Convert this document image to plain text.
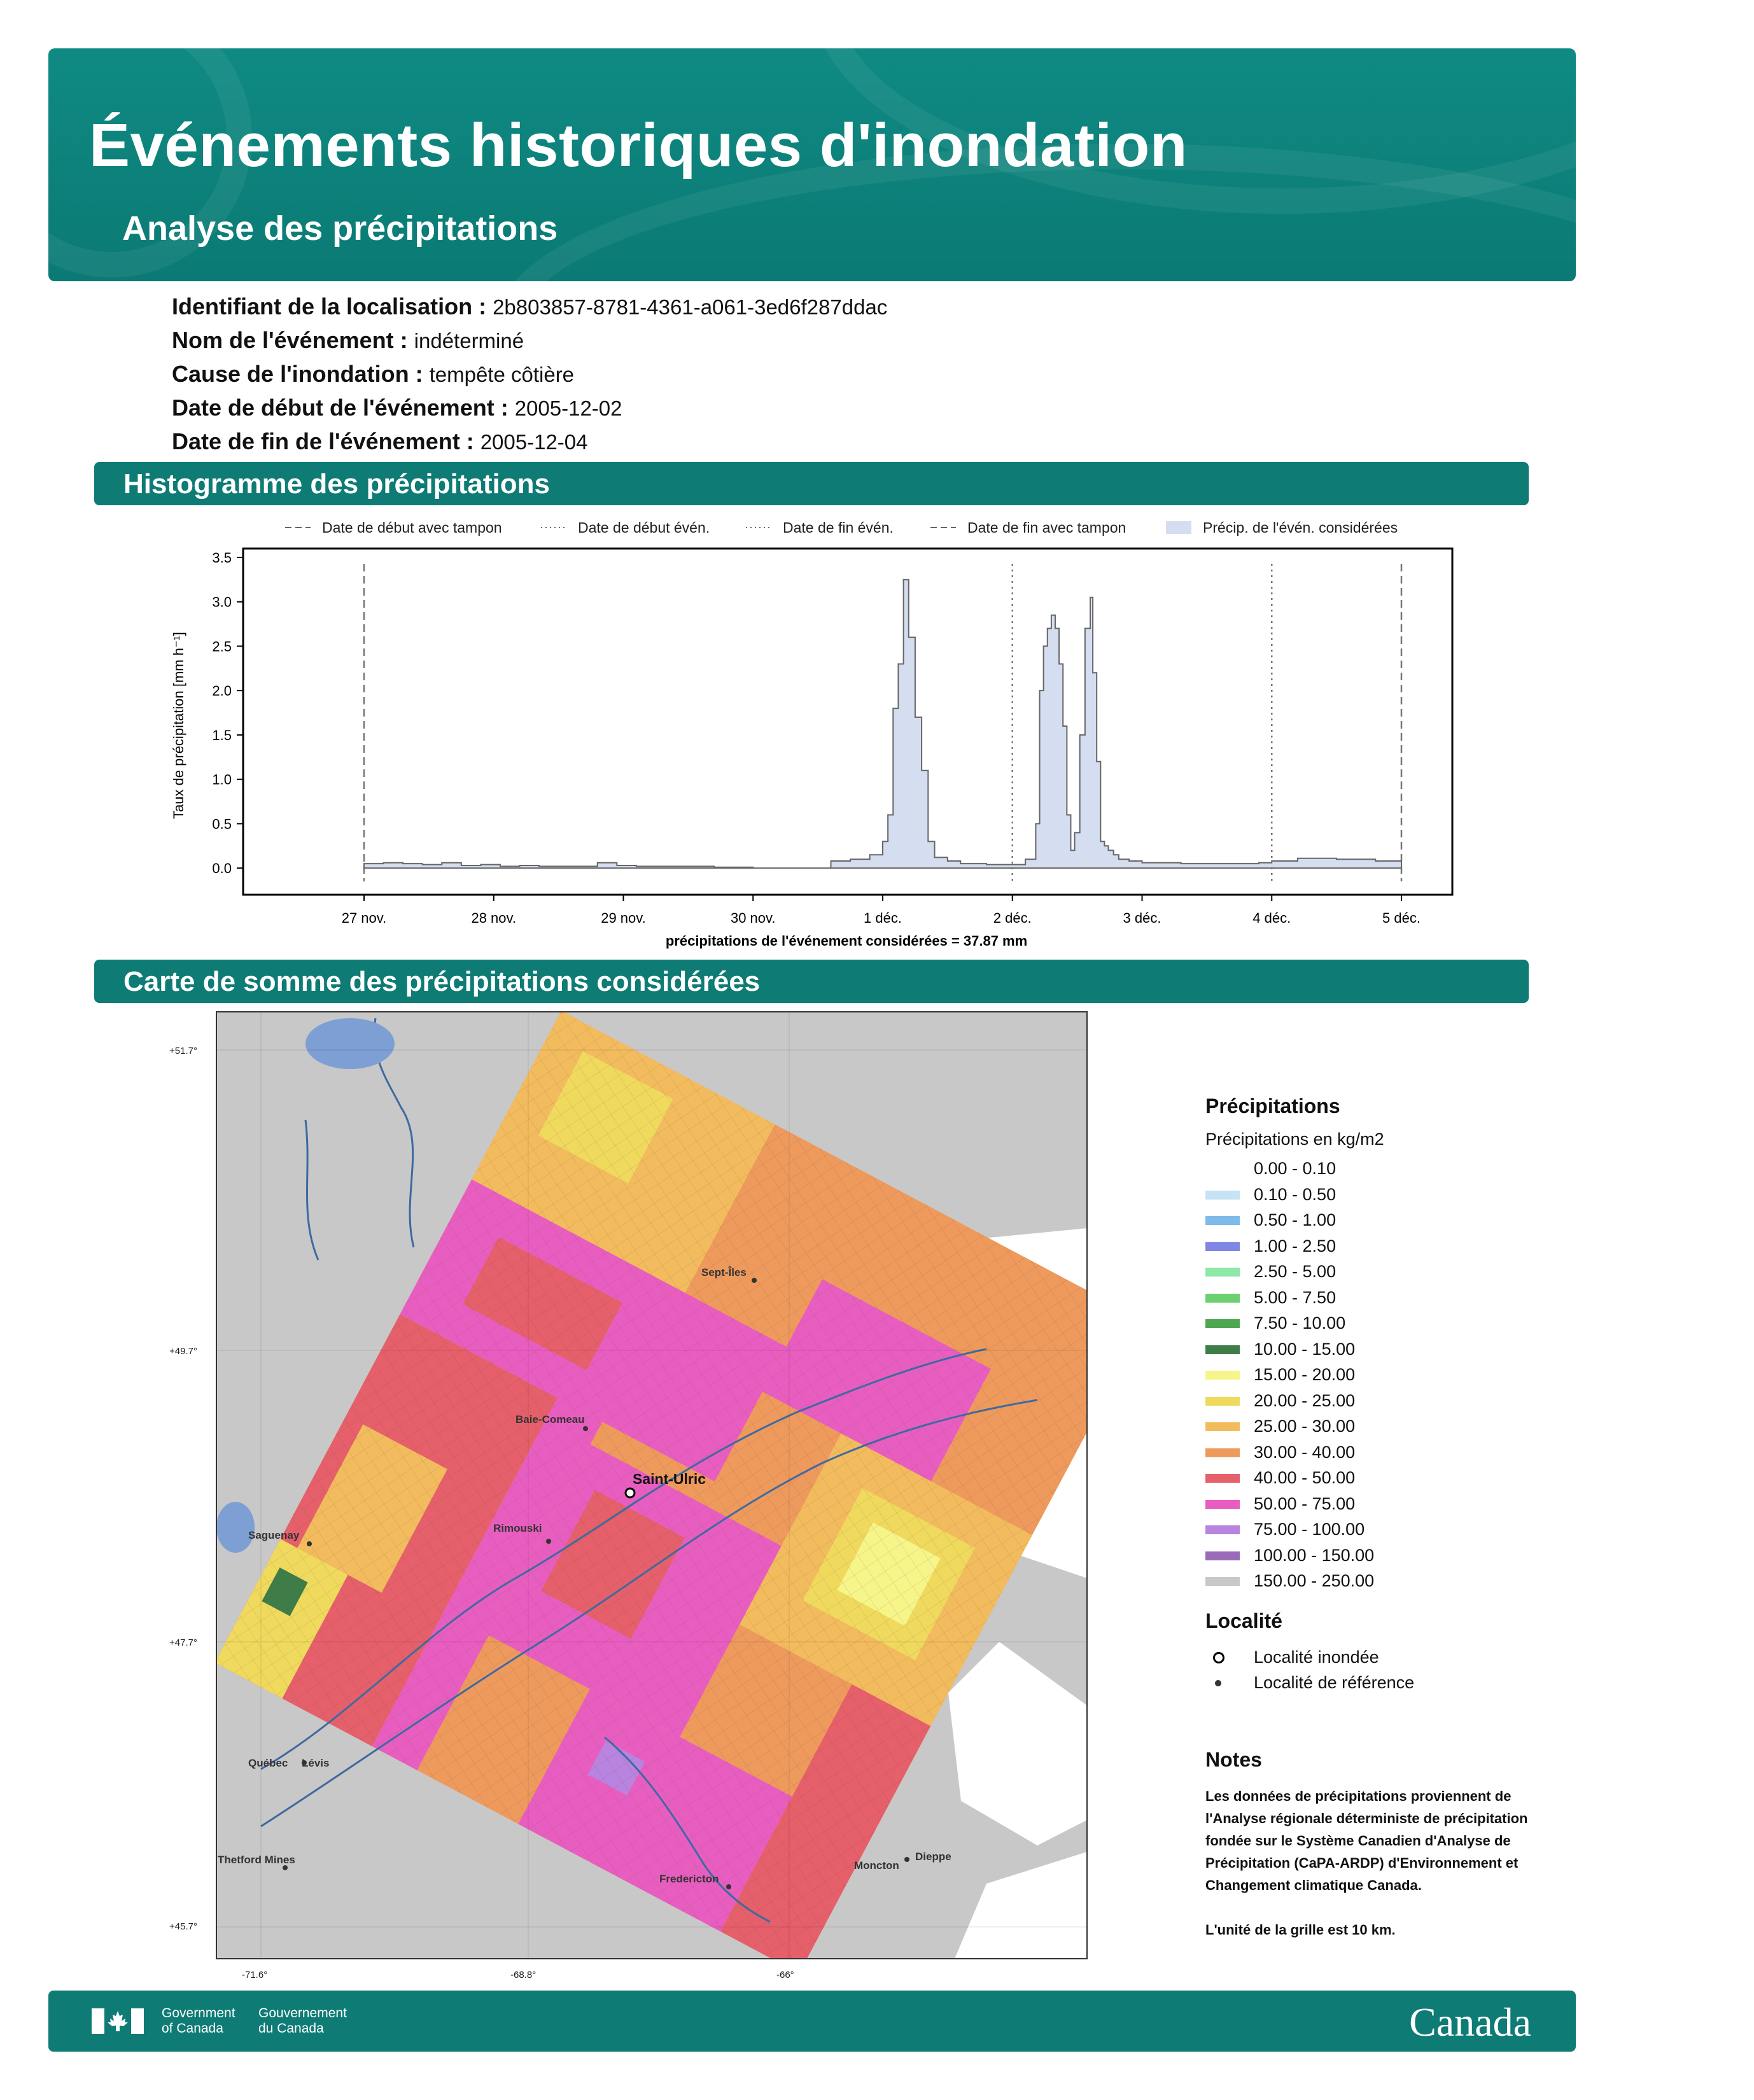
Événements historiques d'inondation
Analyse des précipitations
Identifiant de la localisation : 2b803857-8781-4361-a061-3ed6f287ddac
Nom de l'événement : indéterminé
Cause de l'inondation : tempête côtière
Date de début de l'événement : 2005-12-02
Date de fin de l'événement : 2005-12-04
Histogramme des précipitations
Date de début avec tampon	Date de début évén.	Date de fin évén.	Date de fin avec tampon	Précip. de l'évén. considérées
Taux de précipitation [mm h⁻¹]
précipitations de l'événement considérées = 37.87 mm
0.0
0.5
1.0
1.5
2.0
2.5
3.0
3.5
27 nov.	28 nov.	29 nov.	30 nov.	1 déc.	2 déc.	3 déc.	4 déc.	5 déc.
Carte de somme des précipitations considérées
Sept-Îles
Baie-Comeau
Saint-Ulric
Rimouski
Saguenay
Québec Lévis
Thetford Mines
Fredericton
Moncton
Dieppe
+51.7°
+49.7°
+47.7°
+45.7°
-71.6°	-68.8°	-66°
Précipitations
Précipitations en kg/m2
0.00 - 0.10
0.10 - 0.50
0.50 - 1.00
1.00 - 2.50
2.50 - 5.00
5.00 - 7.50
7.50 - 10.00
10.00 - 15.00
15.00 - 20.00
20.00 - 25.00
25.00 - 30.00
30.00 - 40.00
40.00 - 50.00
50.00 - 75.00
75.00 - 100.00
100.00 - 150.00
150.00 - 250.00
Localité
Localité inondée
Localité de référence
Notes
Les données de précipitations proviennent de l'Analyse régionale déterministe de précipitation fondée sur le Système Canadien d'Analyse de Précipitation (CaPA-ARDP) d'Environnement et Changement climatique Canada.
L'unité de la grille est 10 km.
Government
of Canada
Gouvernement
du Canada	Canada
